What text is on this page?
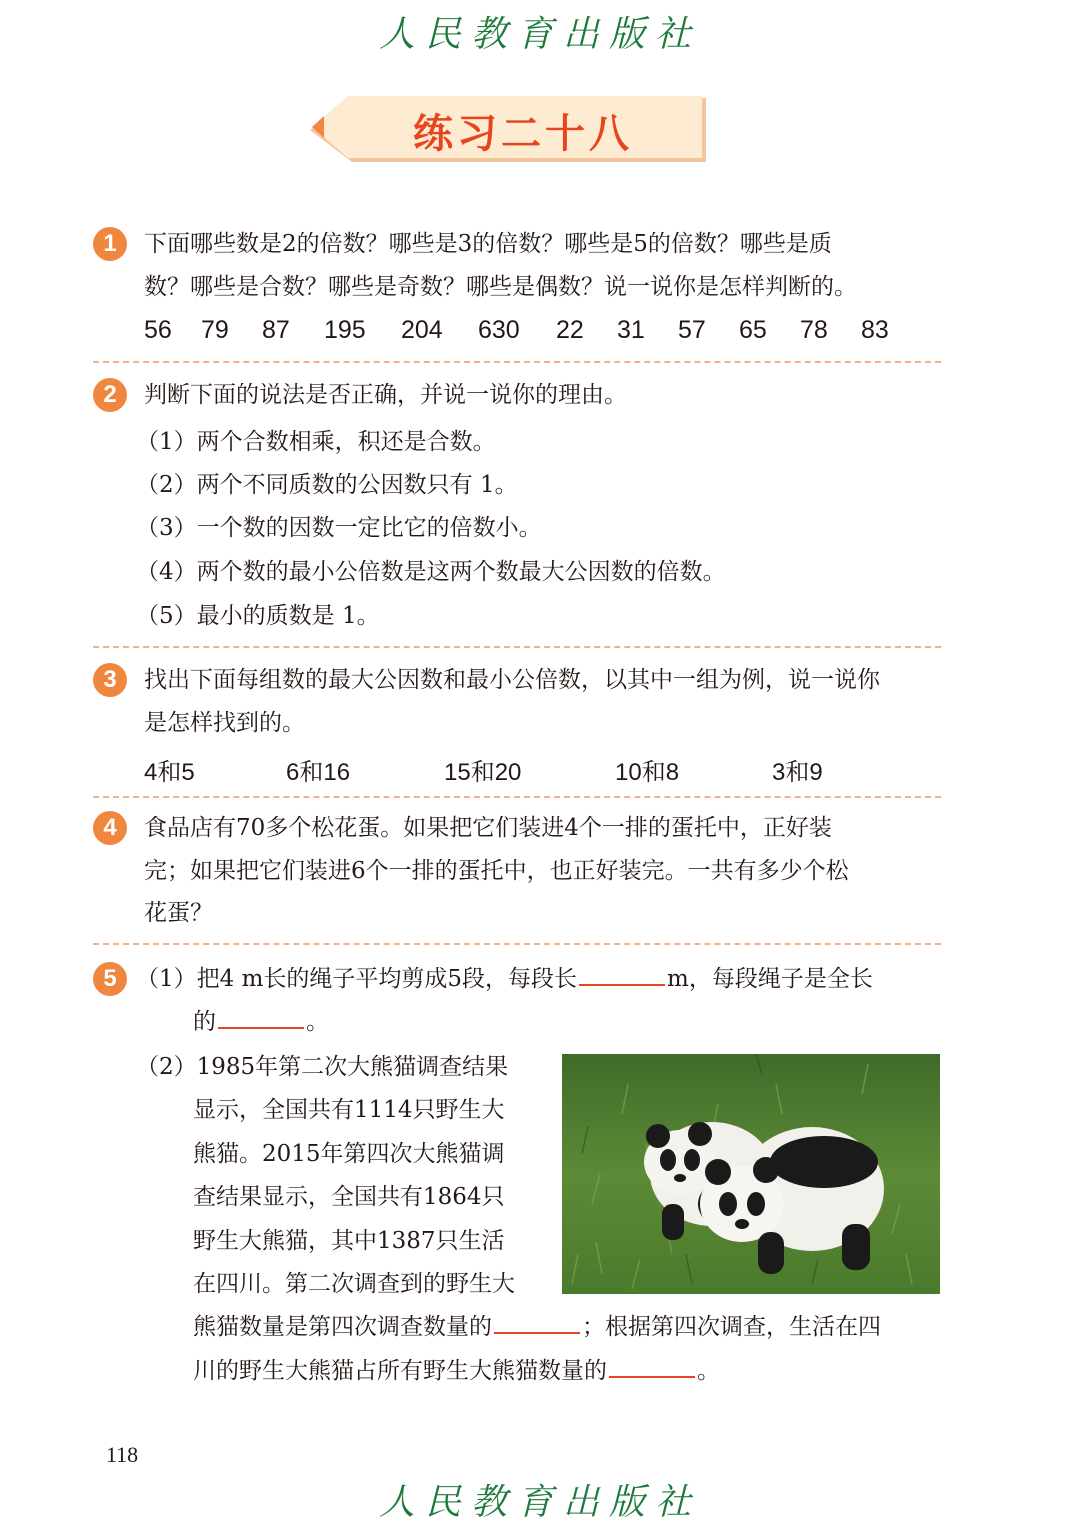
人民教育出版社
练习二十八
1	下面哪些数是2的倍数？哪些是3的倍数？哪些是5的倍数？哪些是质
数？哪些是合数？哪些是奇数？哪些是偶数？说一说你是怎样判断的。
56 79 87 195 204 630 22 31 57 65 78 83
2	判断下面的说法是否正确，并说一说你的理由。
（1）两个合数相乘，积还是合数。
（2）两个不同质数的公因数只有 1。
（3）一个数的因数一定比它的倍数小。
（4）两个数的最小公倍数是这两个数最大公因数的倍数。
（5）最小的质数是 1。
3	找出下面每组数的最大公因数和最小公倍数，以其中一组为例，说一说你
是怎样找到的。
4和5	6和16	15和20	10和8	3和9
4	食品店有70多个松花蛋。如果把它们装进4个一排的蛋托中，正好装
完；如果把它们装进6个一排的蛋托中，也正好装完。一共有多少个松
花蛋？
5 （1）把4 m长的绳子平均剪成5段，每段长	m，每段绳子是全长
的	。
（2）1985年第二次大熊猫调查结果
显示，全国共有1114只野生大
熊猫。2015年第四次大熊猫调
查结果显示，全国共有1864只
野生大熊猫，其中1387只生活
在四川。第二次调查到的野生大
熊猫数量是第四次调查数量的	；根据第四次调查，生活在四
川的野生大熊猫占所有野生大熊猫数量的	。
118
人民教育出版社
